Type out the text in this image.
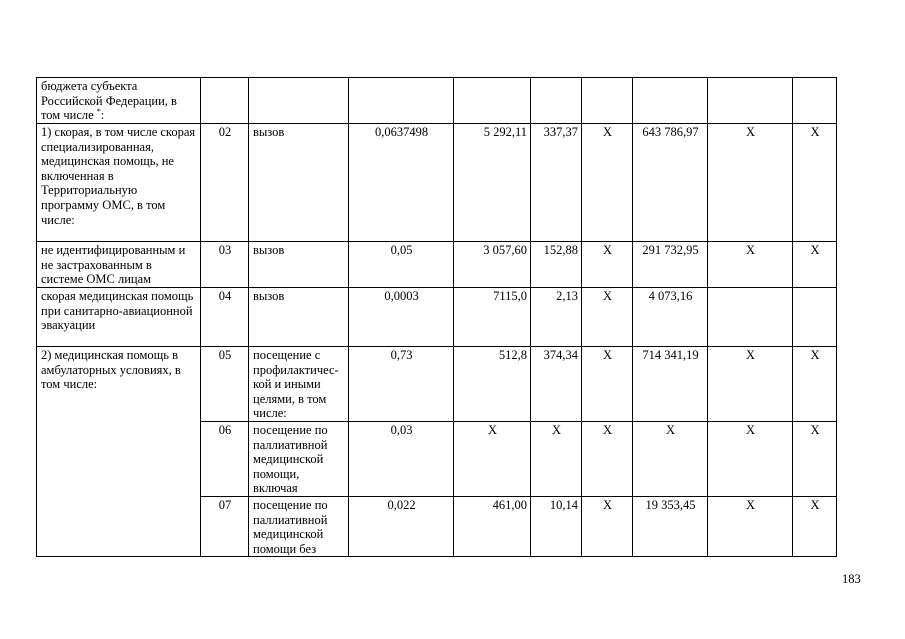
бюджета субъекта Российской Федерации, в том числе *:									
1) скорая, в том числе скорая специализированная, медицинская помощь, не включенная в Территориальную программу ОМС, в том числе:	02	вызов	0,0637498	5 292,11	337,37	X	643 786,97	X	X
не идентифицированным и не застрахованным в системе ОМС лицам	03	вызов	0,05	3 057,60	152,88	X	291 732,95	X	X
скорая медицинская помощь при санитарно-авиационной эвакуации	04	вызов	0,0003	7115,0	2,13	X	4 073,16		
2) медицинская помощь в амбулаторных условиях, в том числе:	05	посещение с профилактичес-кой и иными целями, в том числе:	0,73	512,8	374,34	X	714 341,19	X	X
	06	посещение по паллиативной медицинской помощи, включая	0,03	X	X	X	X	X	X
	07	посещение по паллиативной медицинской помощи без	0,022	461,00	10,14	X	19 353,45	X	X
183
